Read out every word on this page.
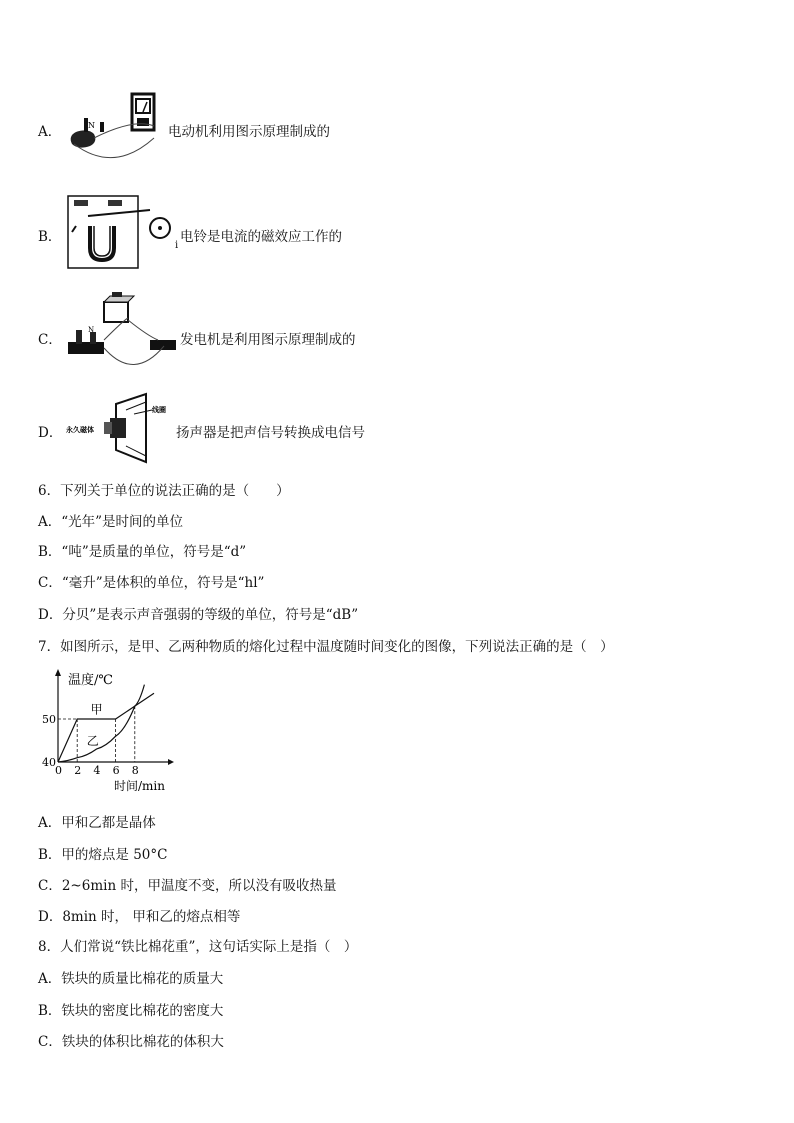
A．	N	电动机利用图示原理制成的
B．	电铃是电流的磁效应工作的
i
C．
N
发电机是利用图示原理制成的
D． 永久磁体
线圈
扬声器是把声信号转换成电信号
6．下列关于单位的说法正确的是（　　）
A．“光年”是时间的单位
B．“吨”是质量的单位，符号是“d”
C．“毫升”是体积的单位，符号是“hl”
D．分贝”是表示声音强弱的等级的单位，符号是“dB”
7．如图所示，是甲、乙两种物质的熔化过程中温度随时间变化的图像，下列说法正确的是（　）
温度/℃
时间/min
0 2 4 6 8
40
50
甲
乙
A．甲和乙都是晶体
B．甲的熔点是 50°C
C．2~6min 时，甲温度不变，所以没有吸收热量
D．8min 时， 甲和乙的熔点相等
8．人们常说“铁比棉花重”，这句话实际上是指（　）
A．铁块的质量比棉花的质量大
B．铁块的密度比棉花的密度大
C．铁块的体积比棉花的体积大
